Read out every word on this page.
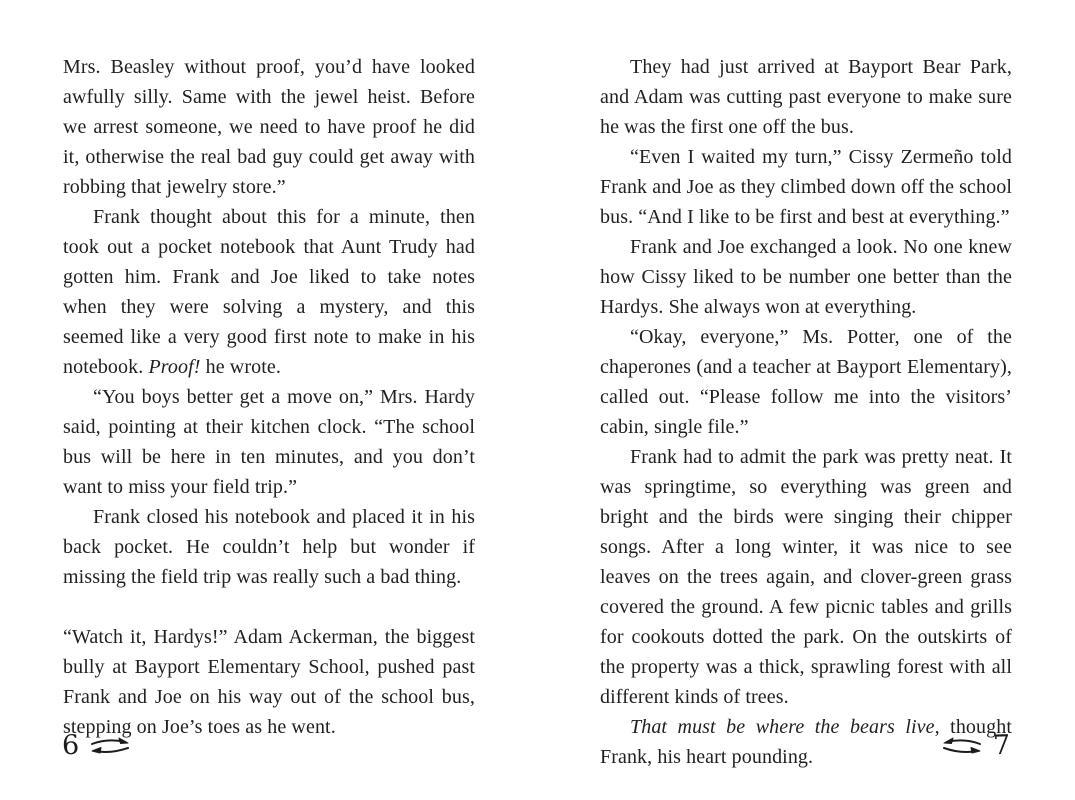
Mrs. Beasley without proof, you’d have looked awfully silly. Same with the jewel heist. Before we arrest someone, we need to have proof he did it, otherwise the real bad guy could get away with robbing that jewelry store.”

Frank thought about this for a minute, then took out a pocket notebook that Aunt Trudy had gotten him. Frank and Joe liked to take notes when they were solving a mystery, and this seemed like a very good first note to make in his notebook. Proof! he wrote.

“You boys better get a move on,” Mrs. Hardy said, pointing at their kitchen clock. “The school bus will be here in ten minutes, and you don’t want to miss your field trip.”

Frank closed his notebook and placed it in his back pocket. He couldn’t help but wonder if missing the field trip was really such a bad thing.

“Watch it, Hardys!” Adam Ackerman, the biggest bully at Bayport Elementary School, pushed past Frank and Joe on his way out of the school bus, stepping on Joe’s toes as he went.

They had just arrived at Bayport Bear Park, and Adam was cutting past everyone to make sure he was the first one off the bus.

“Even I waited my turn,” Cissy Zermeño told Frank and Joe as they climbed down off the school bus. “And I like to be first and best at everything.”

Frank and Joe exchanged a look. No one knew how Cissy liked to be number one better than the Hardys. She always won at everything.

“Okay, everyone,” Ms. Potter, one of the chaperones (and a teacher at Bayport Elementary), called out. “Please follow me into the visitors’ cabin, single file.”

Frank had to admit the park was pretty neat. It was springtime, so everything was green and bright and the birds were singing their chipper songs. After a long winter, it was nice to see leaves on the trees again, and clover-green grass covered the ground. A few picnic tables and grills for cookouts dotted the park. On the outskirts of the property was a thick, sprawling forest with all different kinds of trees.

That must be where the bears live, thought Frank, his heart pounding.

6	7
